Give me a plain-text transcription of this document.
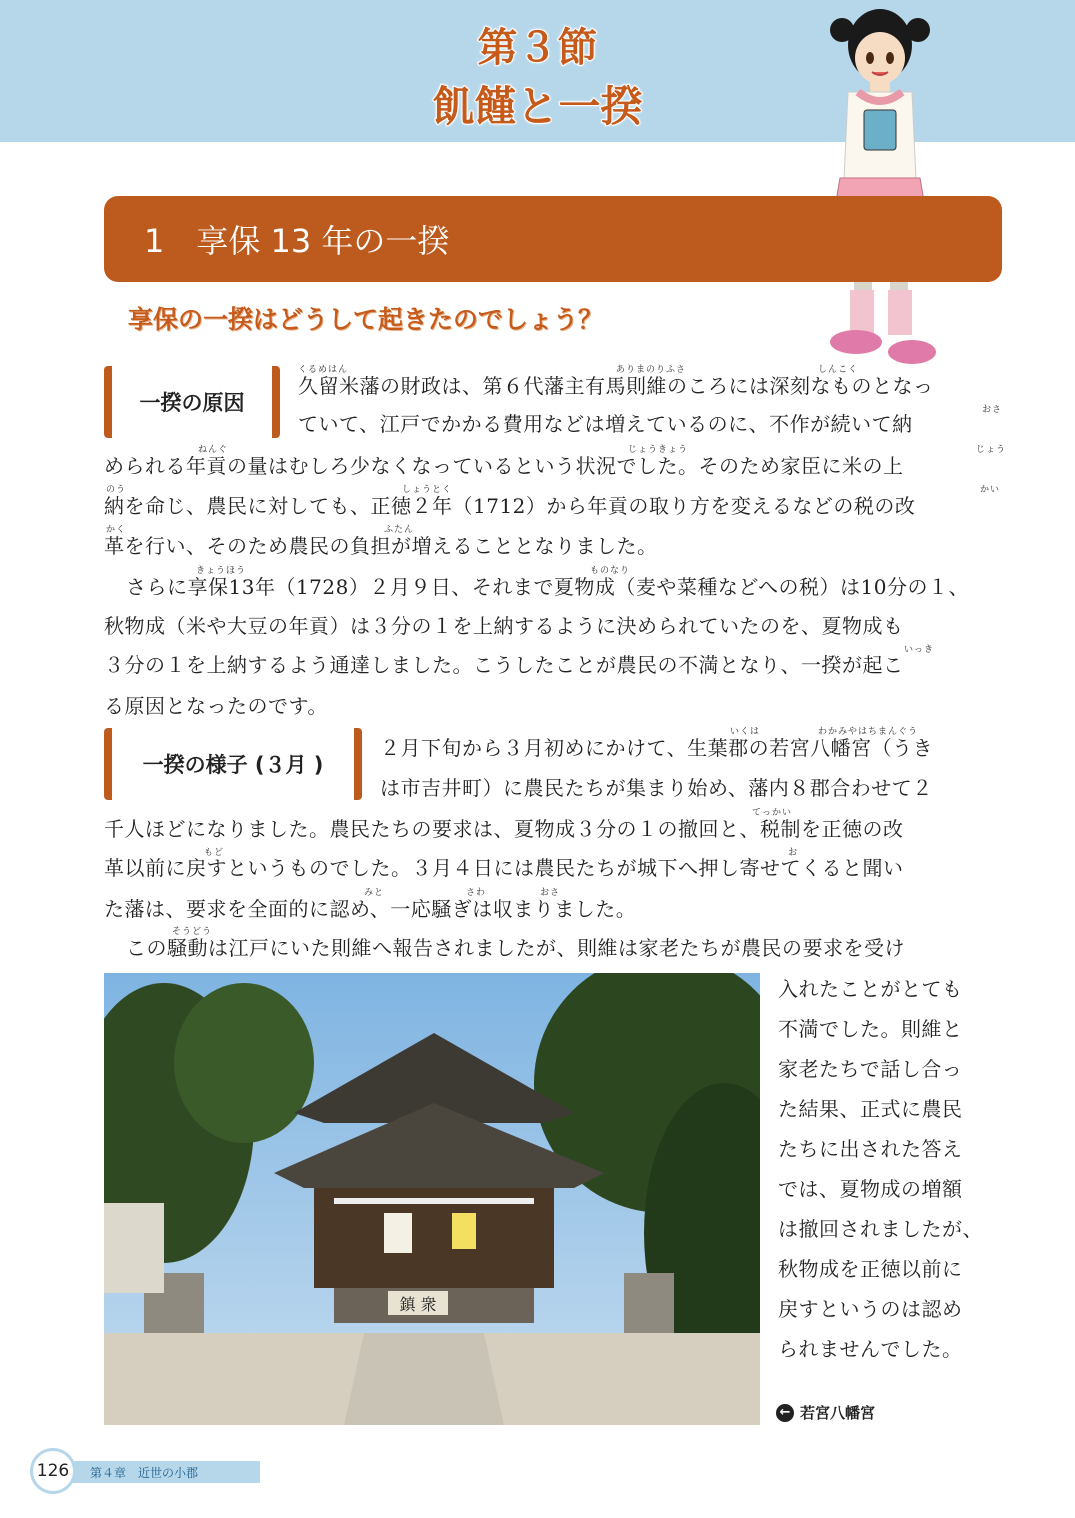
第３節
飢饉と一揆
1　享保 13 年の一揆
享保の一揆はどうして起きたのでしょう？
一揆の原因
一揆の様子 (３月 )
久留米藩の財政は、第６代藩主有馬則維のころには深刻なものとなっ
ていて、江戸でかかる費用などは増えているのに、不作が続いて納
められる年貢の量はむしろ少なくなっているという状況でした。そのため家臣に米の上
納を命じ、農民に対しても、正徳２年（1712）から年貢の取り方を変えるなどの税の改
革を行い、そのため農民の負担が増えることとなりました。
さらに享保13年（1728）２月９日、それまで夏物成（麦や菜種などへの税）は10分の１、
秋物成（米や大豆の年貢）は３分の１を上納するように決められていたのを、夏物成も
３分の１を上納するよう通達しました。こうしたことが農民の不満となり、一揆が起こ
る原因となったのです。
２月下旬から３月初めにかけて、生葉郡の若宮八幡宮（うき
は市吉井町）に農民たちが集まり始め、藩内８郡合わせて２
千人ほどになりました。農民たちの要求は、夏物成３分の１の撤回と、税制を正徳の改
革以前に戻すというものでした。３月４日には農民たちが城下へ押し寄せてくると聞い
た藩は、要求を全面的に認め、一応騒ぎは収まりました。
この騒動は江戸にいた則維へ報告されましたが、則維は家老たちが農民の要求を受け
くるめはん	ありまのりふさ	しんこく
おさ
ねんぐ	じょうきょう	じょう
のう	しょうとく	かい
かく	ふたん
きょうほう	ものなり
いっき
いくは	わかみやはちまんぐう
てっかい
もど	お
みと	さわ	おさ
そうどう
鎮 衆
入れたことがとても
不満でした。則維と
家老たちで話し合っ
た結果、正式に農民
たちに出された答え
では、夏物成の増額
は撤回されましたが、
秋物成を正徳以前に
戻すというのは認め
られませんでした。
← 若宮八幡宮
126	第４章　近世の小郡
